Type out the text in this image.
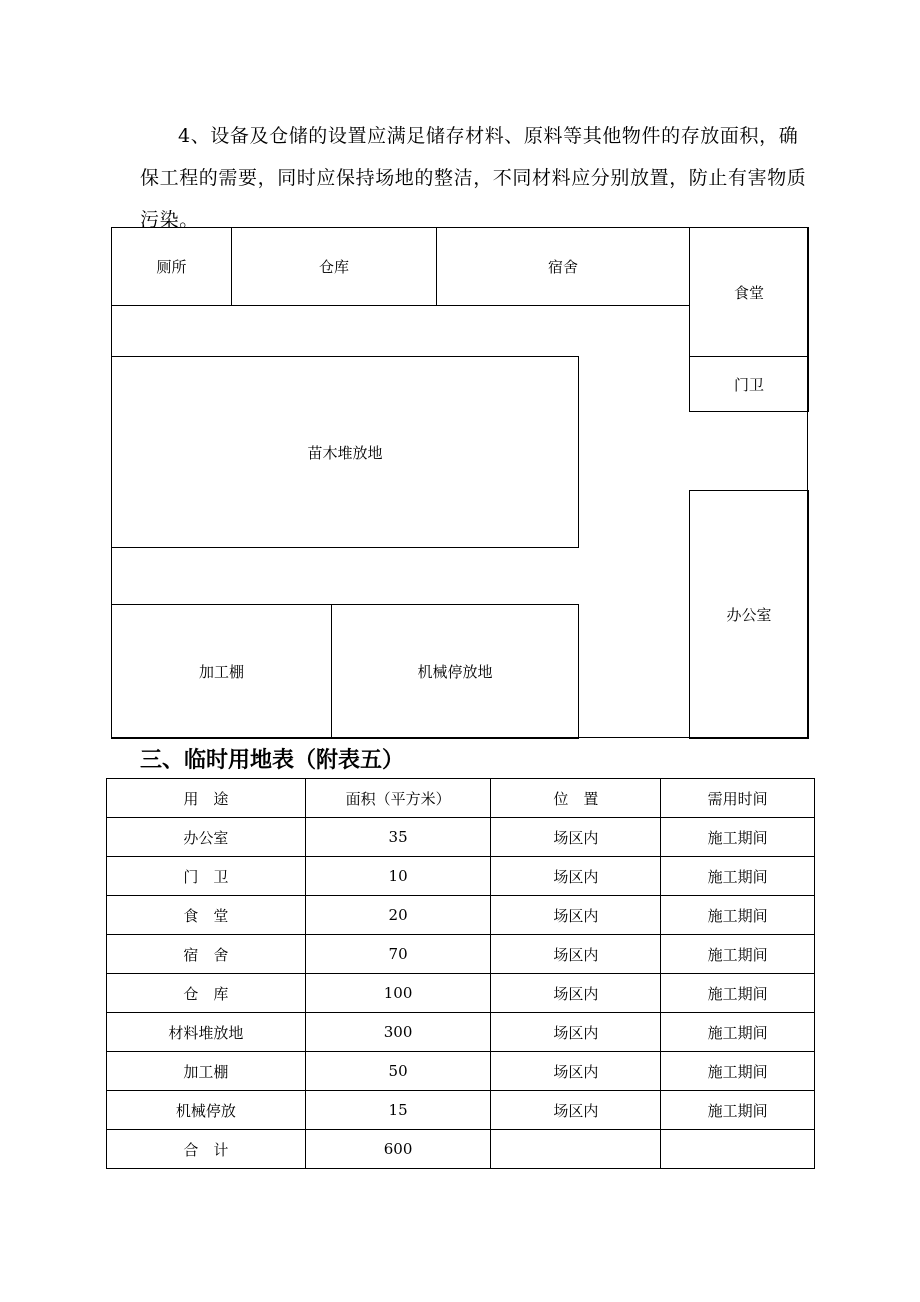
4、设备及仓储的设置应满足储存材料、原料等其他物件的存放面积，确保工程的需要，同时应保持场地的整洁，不同材料应分别放置，防止有害物质污染。

厕所	仓库	宿舍
食堂
门卫
苗木堆放地
办公室
加工棚	机械停放地
三、临时用地表（附表五）
用　途	面积（平方米）	位　置	需用时间
办公室	35	场区内	施工期间
门　卫	10	场区内	施工期间
食　堂	20	场区内	施工期间
宿　舍	70	场区内	施工期间
仓　库	100	场区内	施工期间
材料堆放地	300	场区内	施工期间
加工棚	50	场区内	施工期间
机械停放	15	场区内	施工期间
合　计	600		
